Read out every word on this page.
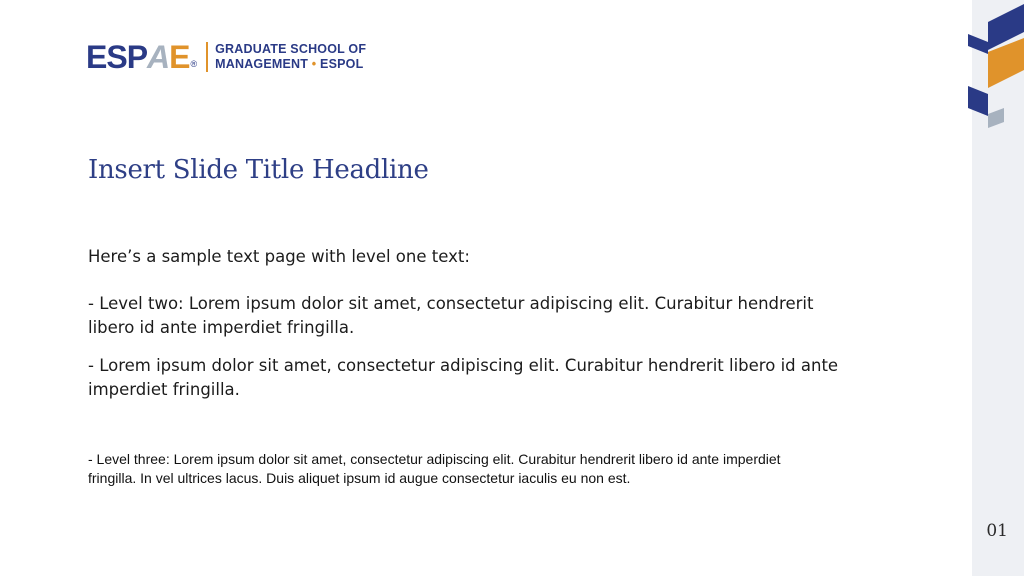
ESPAE ®
GRADUATE SCHOOL OF
MANAGEMENT • ESPOL
Insert Slide Title Headline
Here’s a sample text page with level one text:
- Level two: Lorem ipsum dolor sit amet, consectetur adipiscing elit. Curabitur hendrerit libero id ante imperdiet fringilla.
- Lorem ipsum dolor sit amet, consectetur adipiscing elit. Curabitur hendrerit libero id ante imperdiet fringilla.
- Level three: Lorem ipsum dolor sit amet, consectetur adipiscing elit. Curabitur hendrerit libero id ante imperdiet fringilla. In vel ultrices lacus. Duis aliquet ipsum id augue consectetur iaculis eu non est.
01
